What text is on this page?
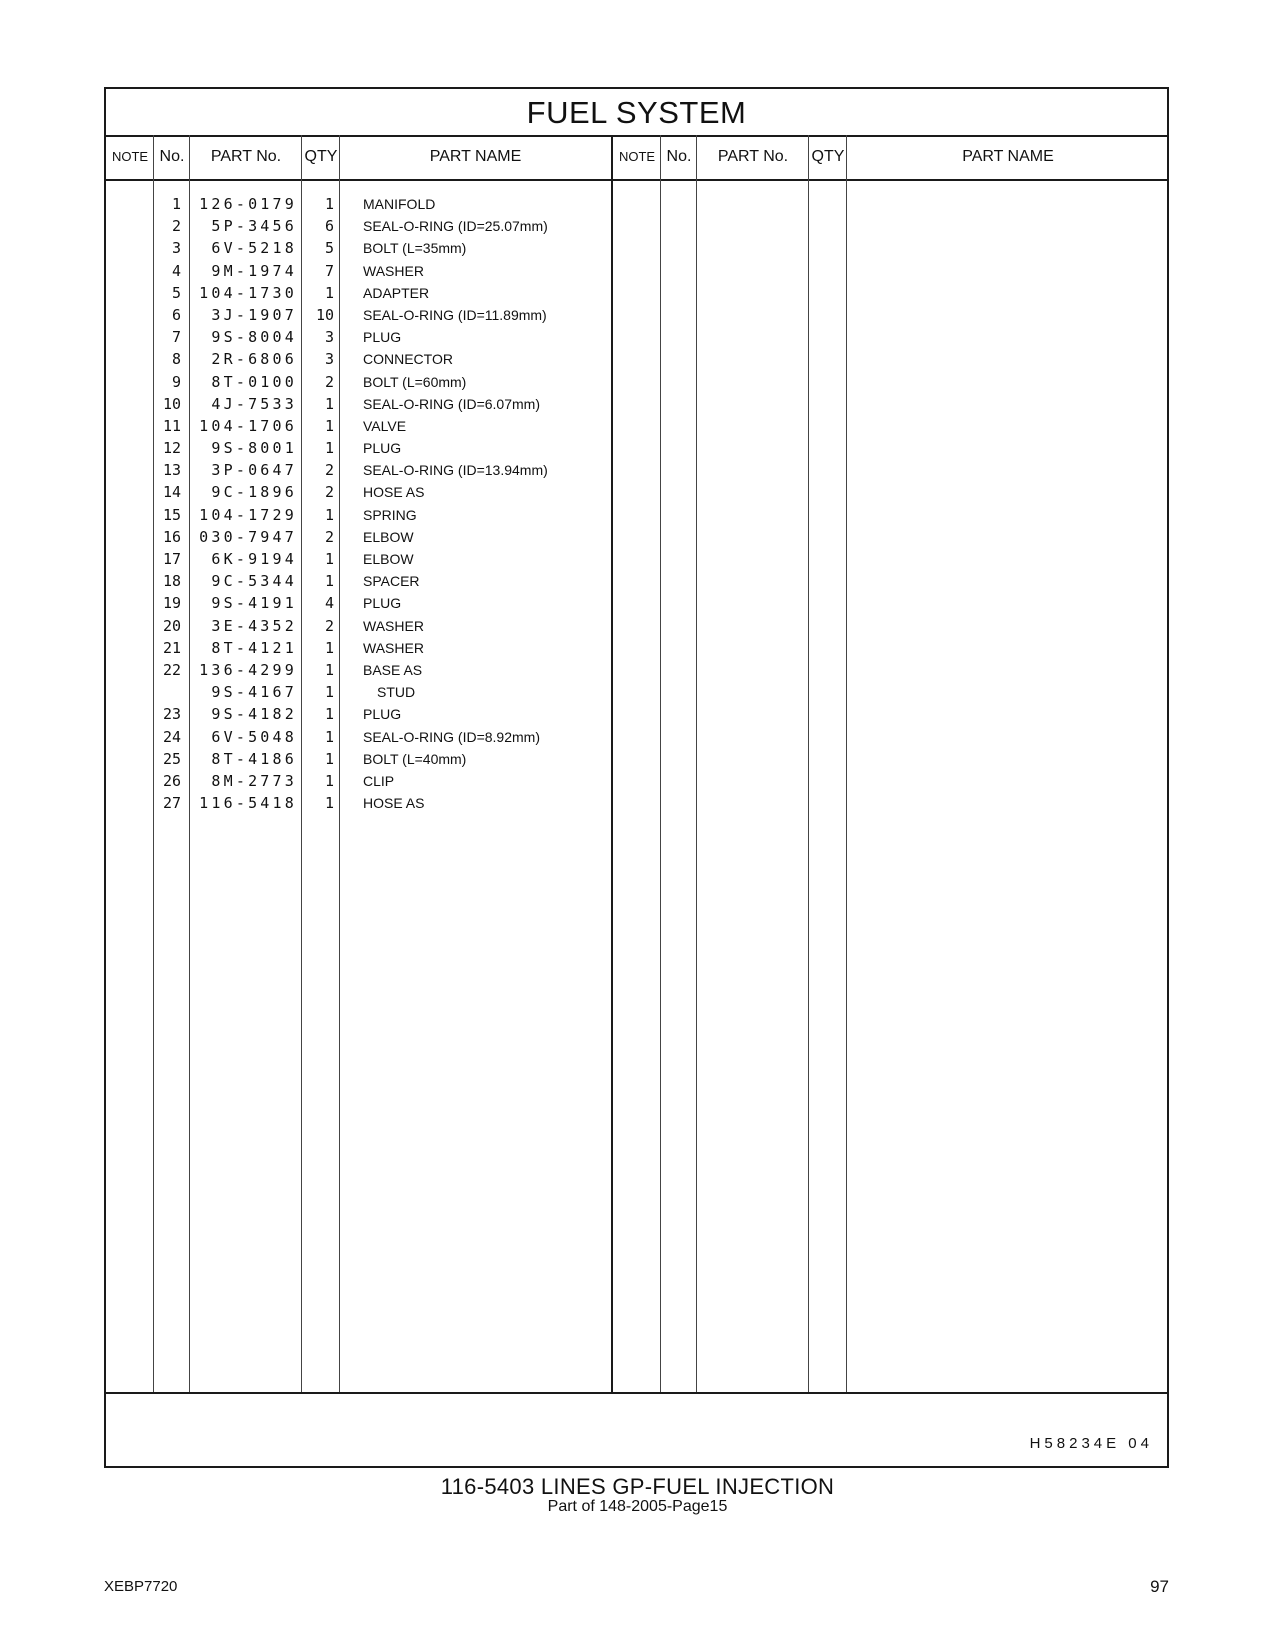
FUEL SYSTEM
NOTE No.	PART No.	QTY	PART NAME	NOTE No.	PART No.	QTY	PART NAME
1	126-0179	1 MANIFOLD
2	5P-3456	6 SEAL-O-RING (ID=25.07mm)
3	6V-5218	5 BOLT (L=35mm)
4	9M-1974	7 WASHER
5	104-1730	1 ADAPTER
6	3J-1907	10 SEAL-O-RING (ID=11.89mm)
7	9S-8004	3 PLUG
8	2R-6806	3 CONNECTOR
9	8T-0100	2 BOLT (L=60mm)
10	4J-7533	1 SEAL-O-RING (ID=6.07mm)
11	104-1706	1 VALVE
12	9S-8001	1 PLUG
13	3P-0647	2 SEAL-O-RING (ID=13.94mm)
14	9C-1896	2 HOSE AS
15	104-1729	1 SPRING
16	030-7947	2 ELBOW
17	6K-9194	1 ELBOW
18	9C-5344	1 SPACER
19	9S-4191	4 PLUG
20	3E-4352	2 WASHER
21	8T-4121	1 WASHER
22	136-4299	1 BASE AS
9S-4167	1	STUD
23	9S-4182	1 PLUG
24	6V-5048	1 SEAL-O-RING (ID=8.92mm)
25	8T-4186	1 BOLT (L=40mm)
26	8M-2773	1 CLIP
27	116-5418	1 HOSE AS
H58234E 04
116-5403 LINES GP-FUEL INJECTION
Part of 148-2005-Page15
XEBP7720	97
